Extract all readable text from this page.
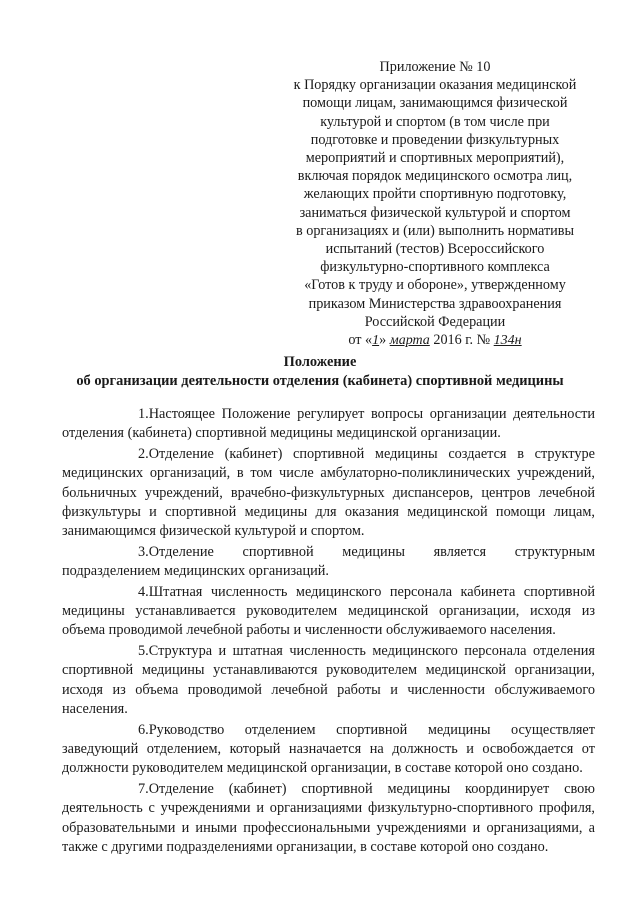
Приложение № 10
к Порядку организации оказания медицинской
помощи лицам, занимающимся физической
культурой и спортом (в том числе при
подготовке и проведении физкультурных
мероприятий и спортивных мероприятий),
включая порядок медицинского осмотра лиц,
желающих пройти спортивную подготовку,
заниматься физической культурой и спортом
в организациях и (или) выполнить нормативы
испытаний (тестов) Всероссийского
физкультурно-спортивного комплекса
«Готов к труду и обороне», утвержденному
приказом Министерства здравоохранения
Российской Федерации
от «1» марта 2016 г. № 134н
Положение
об организации деятельности отделения (кабинета) спортивной медицины

1.Настоящее Положение регулирует вопросы организации деятельности отделения (кабинета) спортивной медицины медицинской организации.

2.Отделение (кабинет) спортивной медицины создается в структуре медицинских организаций, в том числе амбулаторно-поликлинических учреждений, больничных учреждений, врачебно-физкультурных диспансеров, центров лечебной физкультуры и спортивной медицины для оказания медицинской помощи лицам, занимающимся физической культурой и спортом.

3.Отделение спортивной медицины является структурным подразделением медицинских организаций.

4.Штатная численность медицинского персонала кабинета спортивной медицины устанавливается руководителем медицинской организации, исходя из объема проводимой лечебной работы и численности обслуживаемого населения.

5.Структура и штатная численность медицинского персонала отделения спортивной медицины устанавливаются руководителем медицинской организации, исходя из объема проводимой лечебной работы и численности обслуживаемого населения.

6.Руководство отделением спортивной медицины осуществляет заведующий отделением, который назначается на должность и освобождается от должности руководителем медицинской организации, в составе которой оно создано.

7.Отделение (кабинет) спортивной медицины координирует свою деятельность с учреждениями и организациями физкультурно-спортивного профиля, образовательными и иными профессиональными учреждениями и организациями, а также с другими подразделениями организации, в составе которой оно создано.
